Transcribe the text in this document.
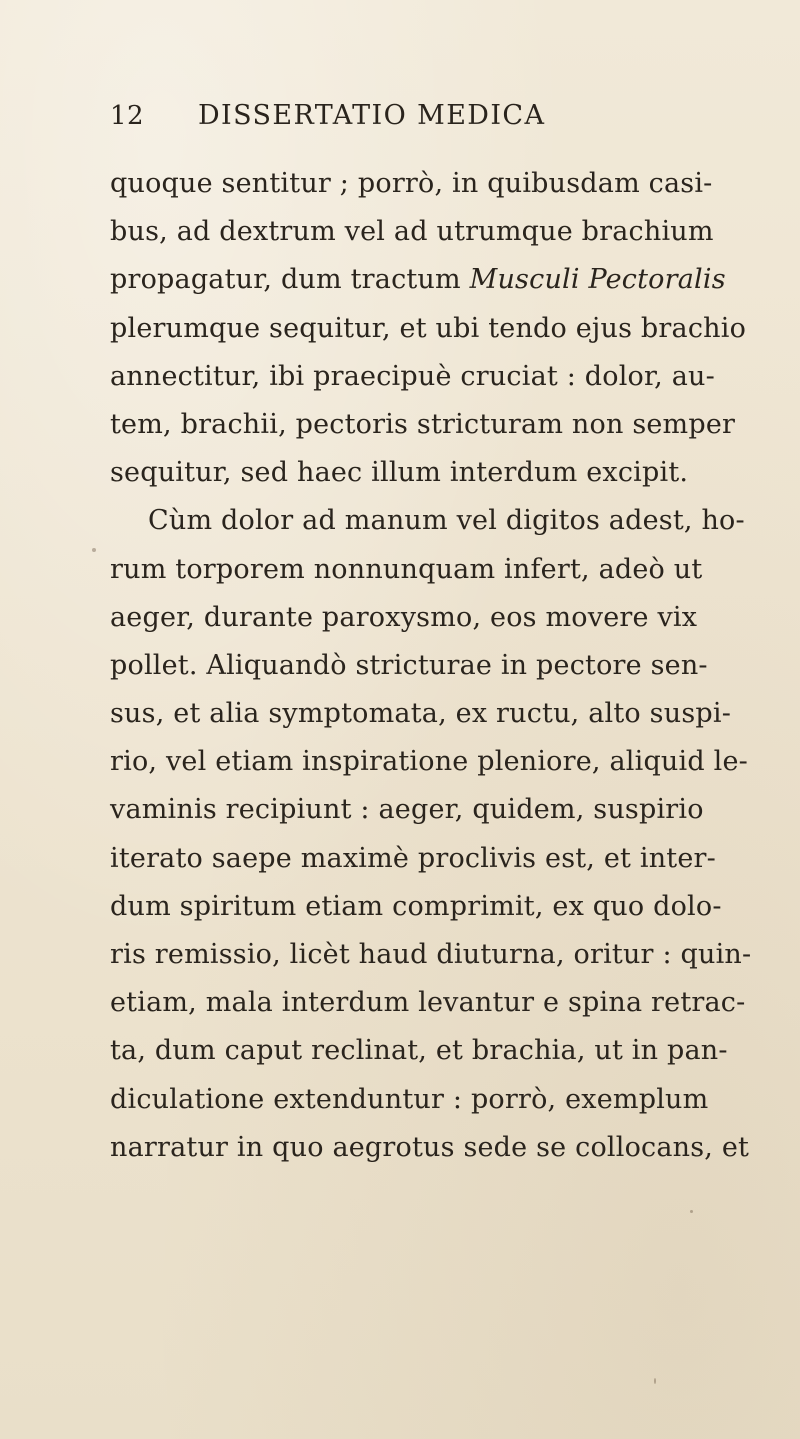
12 DISSERTATIO MEDICA
quoque sentitur ; porrò, in quibusdam casi-
bus, ad dextrum vel ad utrumque brachium
propagatur, dum tractum Musculi Pectoralis
plerumque sequitur, et ubi tendo ejus brachio
annectitur, ibi praecipuè cruciat : dolor, au-
tem, brachii, pectoris stricturam non semper
sequitur, sed haec illum interdum excipit.
Cùm dolor ad manum vel digitos adest, ho-
rum torporem nonnunquam infert, adeò ut
aeger, durante paroxysmo, eos movere vix
pollet. Aliquandò stricturae in pectore sen-
sus, et alia symptomata, ex ructu, alto suspi-
rio, vel etiam inspiratione pleniore, aliquid le-
vaminis recipiunt : aeger, quidem, suspirio
iterato saepe maximè proclivis est, et inter-
dum spiritum etiam comprimit, ex quo dolo-
ris remissio, licèt haud diuturna, oritur : quin-
etiam, mala interdum levantur e spina retrac-
ta, dum caput reclinat, et brachia, ut in pan-
diculatione extenduntur : porrò, exemplum
narratur in quo aegrotus sede se collocans, et
